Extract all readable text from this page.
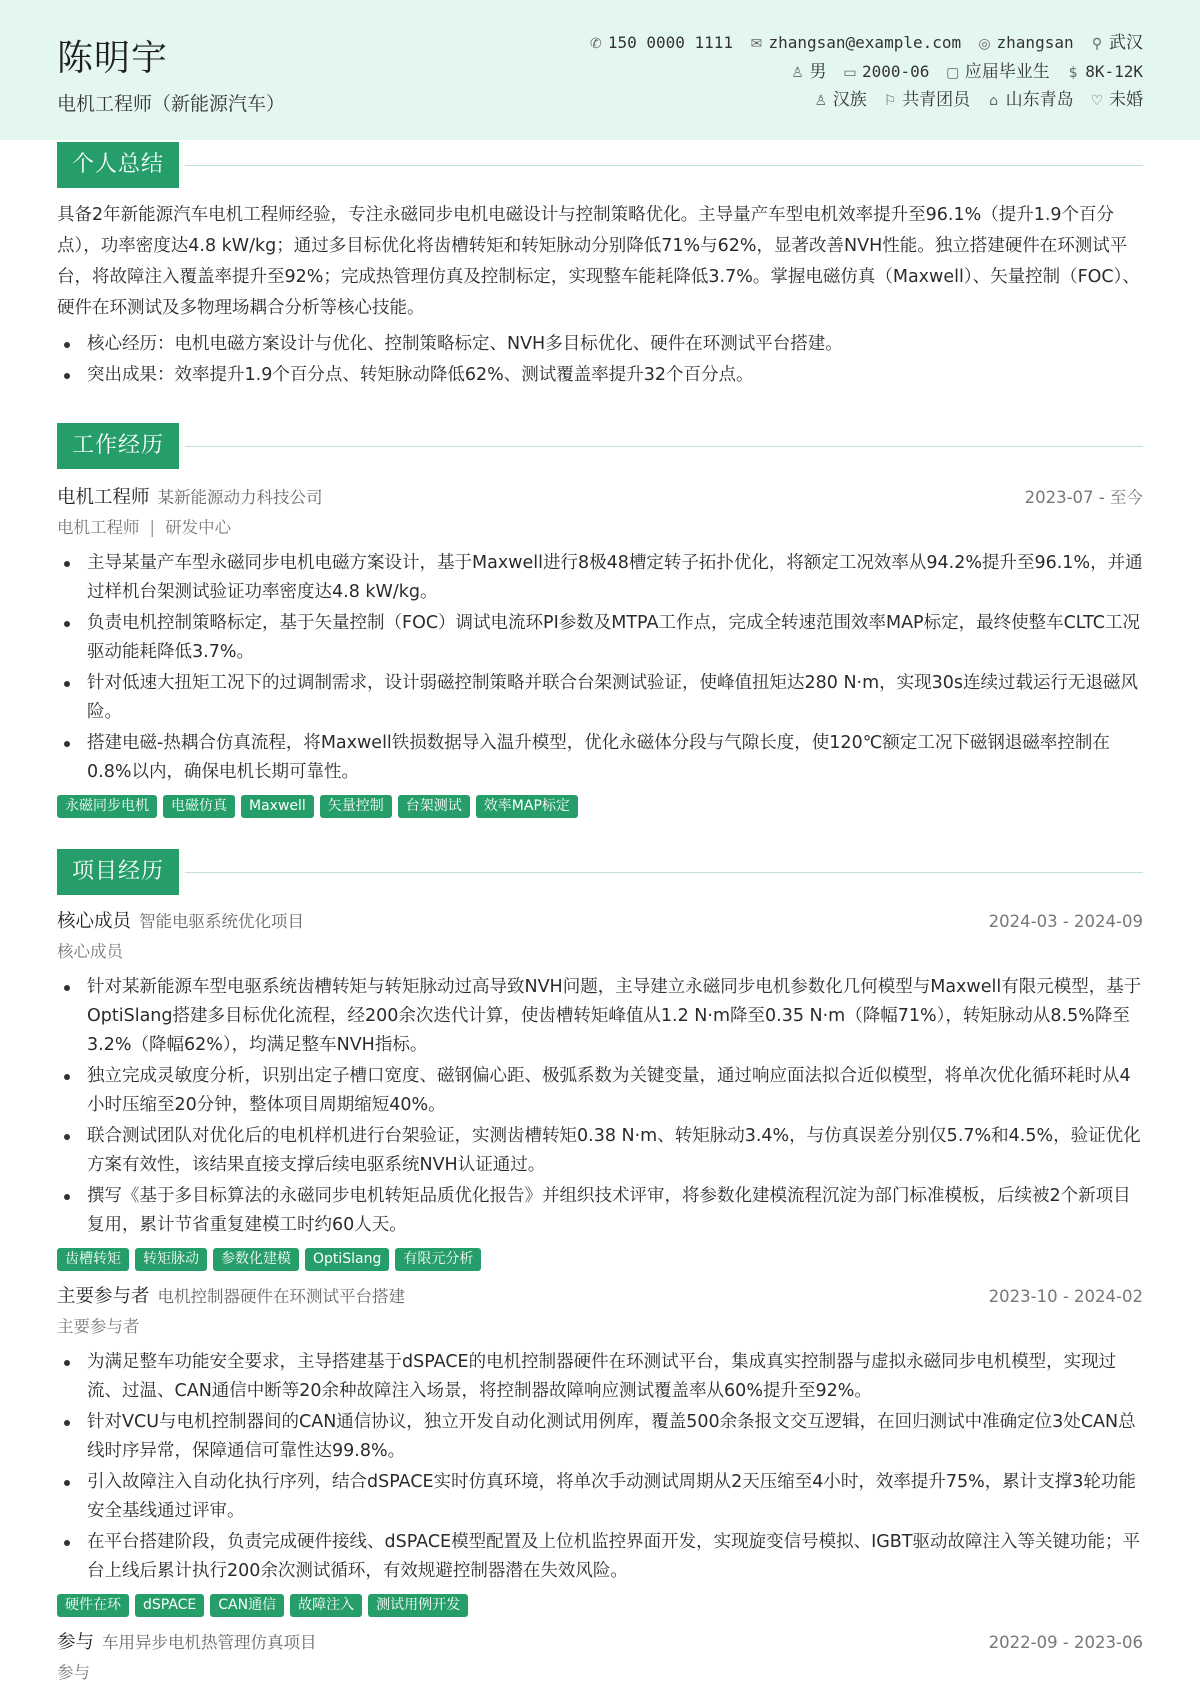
陈明宇
电机工程师（新能源汽车）
✆ 150 0000 1111 ✉ zhangsan@example.com ◎ zhangsan ⚲ 武汉
♙ 男 ▭ 2000-06 ▢ 应届毕业生 $ 8K-12K
♙ 汉族 ⚐ 共青团员 ⌂ 山东青岛 ♡ 未婚
个人总结
具备2年新能源汽车电机工程师经验，专注永磁同步电机电磁设计与控制策略优化。主导量产车型电机效率提升至96.1%（提升1.9个百分点），功率密度达4.8 kW/kg；通过多目标优化将齿槽转矩和转矩脉动分别降低71%与62%，显著改善NVH性能。独立搭建硬件在环测试平台，将故障注入覆盖率提升至92%；完成热管理仿真及控制标定，实现整车能耗降低3.7%。掌握电磁仿真（Maxwell）、矢量控制（FOC）、硬件在环测试及多物理场耦合分析等核心技能。
核心经历：电机电磁方案设计与优化、控制策略标定、NVH多目标优化、硬件在环测试平台搭建。
突出成果：效率提升1.9个百分点、转矩脉动降低62%、测试覆盖率提升32个百分点。
工作经历
电机工程师 某新能源动力科技公司	2023-07 - 至今
电机工程师 | 研发中心
主导某量产车型永磁同步电机电磁方案设计，基于Maxwell进行8极48槽定转子拓扑优化，将额定工况效率从94.2%提升至96.1%，并通过样机台架测试验证功率密度达4.8 kW/kg。
负责电机控制策略标定，基于矢量控制（FOC）调试电流环PI参数及MTPA工作点，完成全转速范围效率MAP标定，最终使整车CLTC工况驱动能耗降低3.7%。
针对低速大扭矩工况下的过调制需求，设计弱磁控制策略并联合台架测试验证，使峰值扭矩达280 N·m，实现30s连续过载运行无退磁风险。
搭建电磁-热耦合仿真流程，将Maxwell铁损数据导入温升模型，优化永磁体分段与气隙长度，使120℃额定工况下磁钢退磁率控制在0.8%以内，确保电机长期可靠性。
永磁同步电机 电磁仿真 Maxwell 矢量控制 台架测试 效率MAP标定
项目经历
核心成员 智能电驱系统优化项目	2024-03 - 2024-09
核心成员
针对某新能源车型电驱系统齿槽转矩与转矩脉动过高导致NVH问题，主导建立永磁同步电机参数化几何模型与Maxwell有限元模型，基于OptiSlang搭建多目标优化流程，经200余次迭代计算，使齿槽转矩峰值从1.2 N·m降至0.35 N·m（降幅71%），转矩脉动从8.5%降至3.2%（降幅62%），均满足整车NVH指标。
独立完成灵敏度分析，识别出定子槽口宽度、磁钢偏心距、极弧系数为关键变量，通过响应面法拟合近似模型，将单次优化循环耗时从4小时压缩至20分钟，整体项目周期缩短40%。
联合测试团队对优化后的电机样机进行台架验证，实测齿槽转矩0.38 N·m、转矩脉动3.4%，与仿真误差分别仅5.7%和4.5%，验证优化方案有效性，该结果直接支撑后续电驱系统NVH认证通过。
撰写《基于多目标算法的永磁同步电机转矩品质优化报告》并组织技术评审，将参数化建模流程沉淀为部门标准模板，后续被2个新项目复用，累计节省重复建模工时约60人天。
齿槽转矩 转矩脉动 参数化建模 OptiSlang 有限元分析
主要参与者 电机控制器硬件在环测试平台搭建	2023-10 - 2024-02
主要参与者
为满足整车功能安全要求，主导搭建基于dSPACE的电机控制器硬件在环测试平台，集成真实控制器与虚拟永磁同步电机模型，实现过流、过温、CAN通信中断等20余种故障注入场景，将控制器故障响应测试覆盖率从60%提升至92%。
针对VCU与电机控制器间的CAN通信协议，独立开发自动化测试用例库，覆盖500余条报文交互逻辑，在回归测试中准确定位3处CAN总线时序异常，保障通信可靠性达99.8%。
引入故障注入自动化执行序列，结合dSPACE实时仿真环境，将单次手动测试周期从2天压缩至4小时，效率提升75%，累计支撑3轮功能安全基线通过评审。
在平台搭建阶段，负责完成硬件接线、dSPACE模型配置及上位机监控界面开发，实现旋变信号模拟、IGBT驱动故障注入等关键功能；平台上线后累计执行200余次测试循环，有效规避控制器潜在失效风险。
硬件在环 dSPACE CAN通信 故障注入 测试用例开发
参与 车用异步电机热管理仿真项目	2022-09 - 2023-06
参与
